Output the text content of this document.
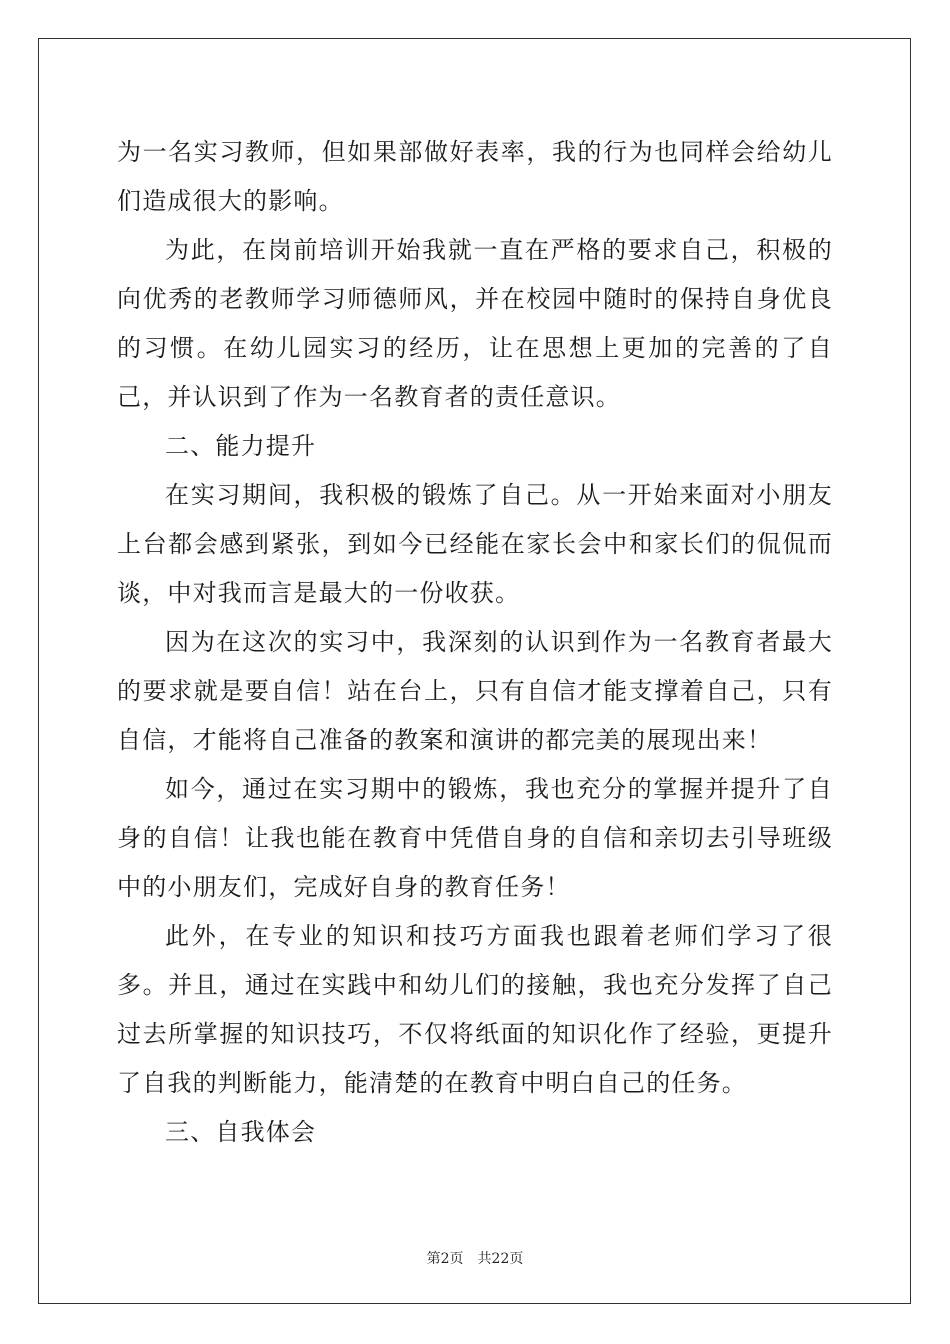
为一名实习教师，但如果部做好表率，我的行为也同样会给幼儿们造成很大的影响。

为此，在岗前培训开始我就一直在严格的要求自己，积极的向优秀的老教师学习师德师风，并在校园中随时的保持自身优良的习惯。在幼儿园实习的经历，让在思想上更加的完善的了自己，并认识到了作为一名教育者的责任意识。

二、能力提升

在实习期间，我积极的锻炼了自己。从一开始来面对小朋友上台都会感到紧张，到如今已经能在家长会中和家长们的侃侃而谈，中对我而言是最大的一份收获。

因为在这次的实习中，我深刻的认识到作为一名教育者最大的要求就是要自信！站在台上，只有自信才能支撑着自己，只有自信，才能将自己准备的教案和演讲的都完美的展现出来！

如今，通过在实习期中的锻炼，我也充分的掌握并提升了自身的自信！让我也能在教育中凭借自身的自信和亲切去引导班级中的小朋友们，完成好自身的教育任务！

此外，在专业的知识和技巧方面我也跟着老师们学习了很多。并且，通过在实践中和幼儿们的接触，我也充分发挥了自己过去所掌握的知识技巧，不仅将纸面的知识化作了经验，更提升了自我的判断能力，能清楚的在教育中明白自己的任务。

三、自我体会

第2页 共22页
